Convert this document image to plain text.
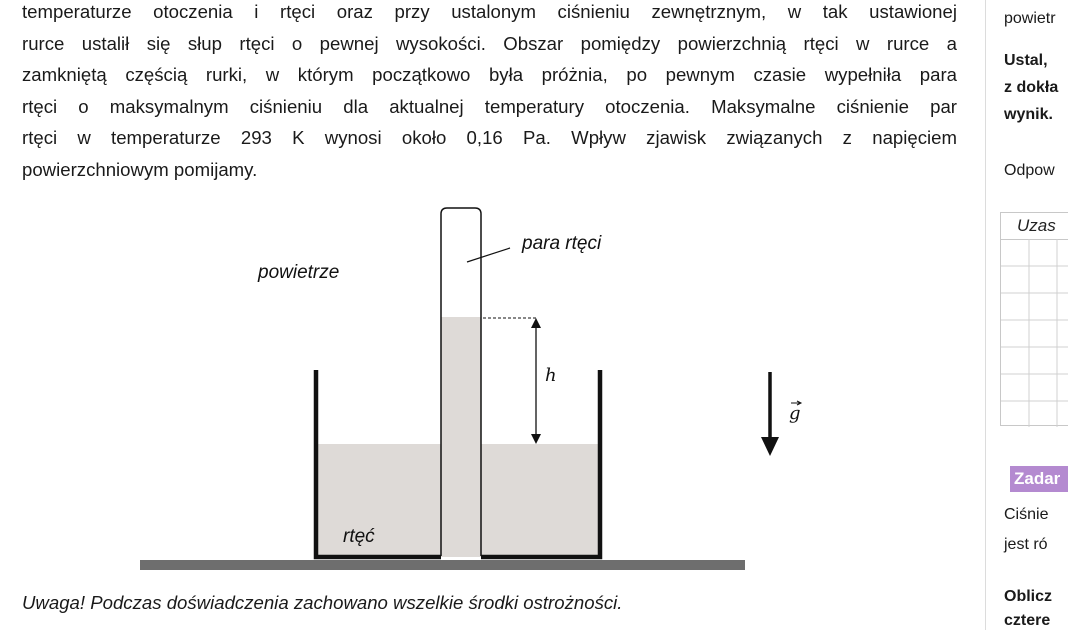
temperaturze otoczenia i rtęci oraz przy ustalonym ciśnieniu zewnętrznym, w tak ustawionej
rurce ustalił się słup rtęci o pewnej wysokości. Obszar pomiędzy powierzchnią rtęci w rurce a
zamkniętą częścią rurki, w którym początkowo była próżnia, po pewnym czasie wypełniła para
rtęci o maksymalnym ciśnieniu dla aktualnej temperatury otoczenia. Maksymalne ciśnienie par
rtęci w temperaturze 293 K wynosi około 0,16 Pa. Wpływ zjawisk związanych z napięciem
powierzchniowym pomijamy.
powietrze
para rtęci
h
g
rtęć
Uwaga! Podczas doświadczenia zachowano wszelkie środki ostrożności.
powietr
Ustal,
z dokła
wynik.
Odpow
Ciśnie
jest ró
Oblicz
cztere
Uzas
Zadar
